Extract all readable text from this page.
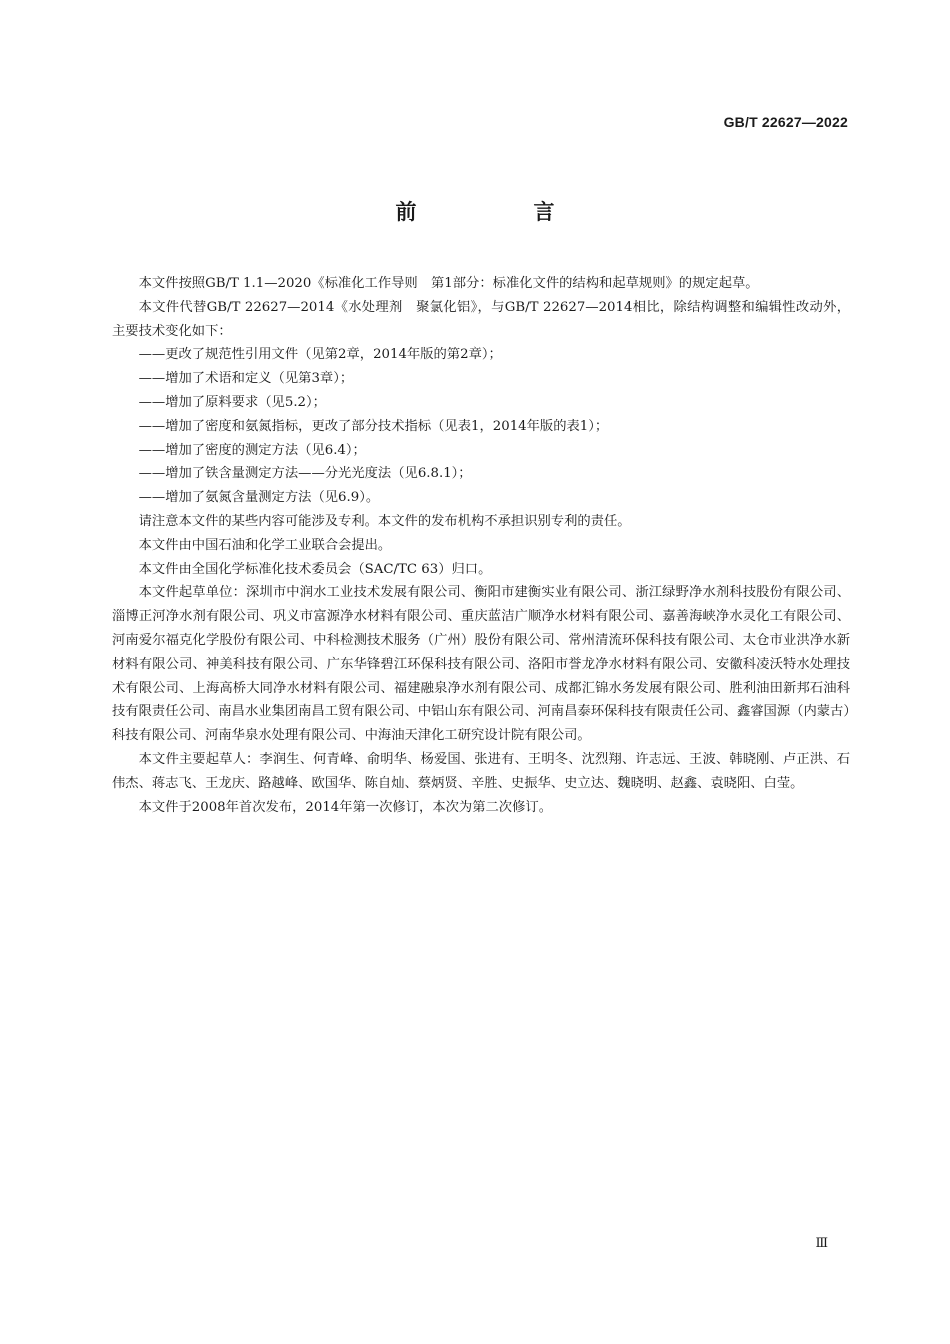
GB/T 22627—2022
前　言

本文件按照GB/T 1.1—2020《标准化工作导则　第1部分：标准化文件的结构和起草规则》的规定起草。

本文件代替GB/T 22627—2014《水处理剂　聚氯化铝》，与GB/T 22627—2014相比，除结构调整和编辑性改动外，主要技术变化如下：

——更改了规范性引用文件（见第2章，2014年版的第2章）；
——增加了术语和定义（见第3章）；
——增加了原料要求（见5.2）；
——增加了密度和氨氮指标，更改了部分技术指标（见表1，2014年版的表1）；
——增加了密度的测定方法（见6.4）；
——增加了铁含量测定方法——分光光度法（见6.8.1）；
——增加了氨氮含量测定方法（见6.9）。

请注意本文件的某些内容可能涉及专利。本文件的发布机构不承担识别专利的责任。

本文件由中国石油和化学工业联合会提出。

本文件由全国化学标准化技术委员会（SAC/TC 63）归口。

本文件起草单位：深圳市中润水工业技术发展有限公司、衡阳市建衡实业有限公司、浙江绿野净水剂科技股份有限公司、淄博正河净水剂有限公司、巩义市富源净水材料有限公司、重庆蓝洁广顺净水材料有限公司、嘉善海峡净水灵化工有限公司、河南爱尔福克化学股份有限公司、中科检测技术服务（广州）股份有限公司、常州清流环保科技有限公司、太仓市业洪净水新材料有限公司、神美科技有限公司、广东华锋碧江环保科技有限公司、洛阳市誉龙净水材料有限公司、安徽科凌沃特水处理技术有限公司、上海高桥大同净水材料有限公司、福建融泉净水剂有限公司、成都汇锦水务发展有限公司、胜利油田新邦石油科技有限责任公司、南昌水业集团南昌工贸有限公司、中铝山东有限公司、河南昌泰环保科技有限责任公司、鑫睿国源（内蒙古）科技有限公司、河南华泉水处理有限公司、中海油天津化工研究设计院有限公司。

本文件主要起草人：李润生、何青峰、俞明华、杨爱国、张进有、王明冬、沈烈翔、许志远、王波、韩晓刚、卢正洪、石伟杰、蒋志飞、王龙庆、路越峰、欧国华、陈自灿、蔡炳贤、辛胜、史振华、史立达、魏晓明、赵鑫、袁晓阳、白莹。

本文件于2008年首次发布，2014年第一次修订，本次为第二次修订。

Ⅲ
